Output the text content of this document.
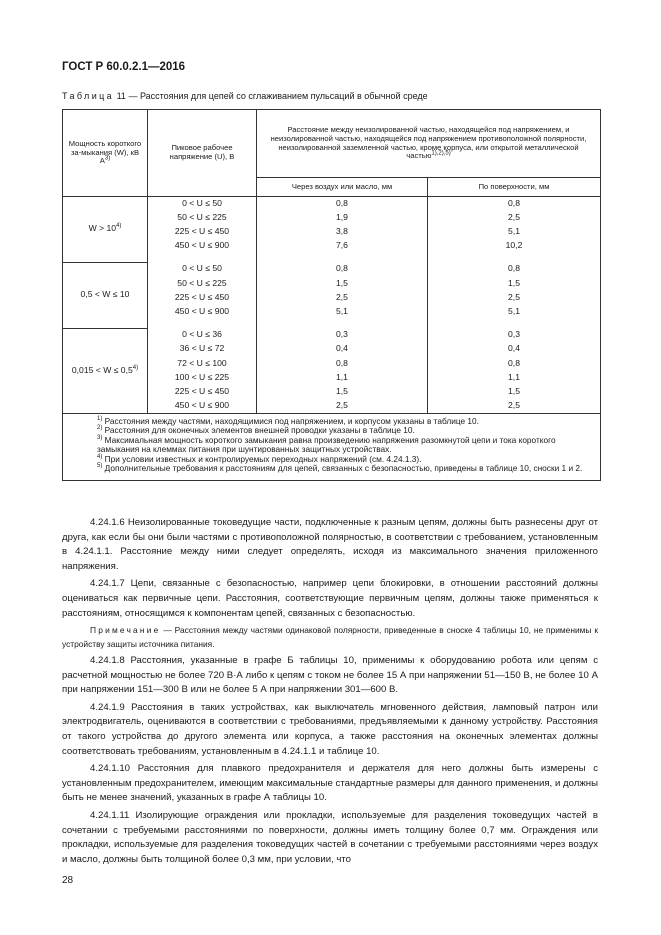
ГОСТ Р 60.0.2.1—2016
Таблица 11 — Расстояния для цепей со сглаживанием пульсаций в обычной среде
Мощность короткого за-мыкания (W), кВ $А^{3)}$	Пиковое рабочее напряжение (U), В	Расстояние между неизолированной частью, находящейся под напряжением, и неизолированной частью, находящейся под напряжением противоположной полярности, неизолированной заземленной частью, кроме корпуса, или открытой металлической частью$^{1),2),5)}$
		Через воздух или масло, мм	По поверхности, мм
$W > 10^{4)}$	0 < U ≤ 50	0,8	0,8
	50 < U ≤ 225	1,9	2,5
	225 < U ≤ 450	3,8	5,1
	450 < U ≤ 900	7,6	10,2

0,5 < W ≤ 10	0 < U ≤ 50	0,8	0,8
	50 < U ≤ 225	1,5	1,5
	225 < U ≤ 450	2,5	2,5
	450 < U ≤ 900	5,1	5,1

$0,015 < W \le 0,5^{4)}$	0 < U ≤ 36	0,3	0,3
	36 < U ≤ 72	0,4	0,4
	72 < U ≤ 100	0,8	0,8
	100 < U ≤ 225	1,1	1,1
	225 < U ≤ 450	1,5	1,5
	450 < U ≤ 900	2,5	2,5

$^{1)}$ Расстояния между частями, находящимися под напряжением, и корпусом указаны в таблице 10.

$^{2)}$ Расстояния для оконечных элементов внешней проводки указаны в таблице 10.

$^{3)}$ Максимальная мощность короткого замыкания равна произведению напряжения разомкнутой цепи и тока короткого замыкания на клеммах питания при шунтированных защитных устройствах.

$^{4)}$ При условии известных и контролируемых переходных напряжений (см. 4.24.1.3).

$^{5)}$ Дополнительные требования к расстояниям для цепей, связанных с безопасностью, приведены в таблице 10, сноски 1 и 2.			

4.24.1.6 Неизолированные токоведущие части, подключенные к разным цепям, должны быть разнесены друг от друга, как если бы они были частями с противоположной полярностью, в соответствии с требованием, установленным в 4.24.1.1. Расстояние между ними следует определять, исходя из максимального значения приложенного напряжения.

4.24.1.7 Цепи, связанные с безопасностью, например цепи блокировки, в отношении расстояний должны оцениваться как первичные цепи. Расстояния, соответствующие первичным цепям, должны также применяться к расстояниям, относящимся к компонентам цепей, связанных с безопасностью.

Примечание — Расстояния между частями одинаковой полярности, приведенные в сноске 4 таблицы 10, не применимы к устройству защиты источника питания.

4.24.1.8 Расстояния, указанные в графе Б таблицы 10, применимы к оборудованию робота или цепям с расчетной мощностью не более 720 В·А либо к цепям с током не более 15 А при напряжении 51—150 В, не более 10 А при напряжении 151—300 В или не более 5 А при напряжении 301—600 В.

4.24.1.9 Расстояния в таких устройствах, как выключатель мгновенного действия, ламповый патрон или электродвигатель, оцениваются в соответствии с требованиями, предъявляемыми к данному устройству. Расстояния от такого устройства до другого элемента или корпуса, а также расстояния на оконечных элементах должны соответствовать требованиям, установленным в 4.24.1.1 и таблице 10.

4.24.1.10 Расстояния для плавкого предохранителя и держателя для него должны быть измерены с установленным предохранителем, имеющим максимальные стандартные размеры для данного применения, и должны быть не менее значений, указанных в графе А таблицы 10.

4.24.1.11 Изолирующие ограждения или прокладки, используемые для разделения токоведущих частей в сочетании с требуемыми расстояниями по поверхности, должны иметь толщину более 0,7 мм. Ограждения или прокладки, используемые для разделения токоведущих частей в сочетании с требуемыми расстояниями через воздух и масло, должны быть толщиной более 0,3 мм, при условии, что

28
